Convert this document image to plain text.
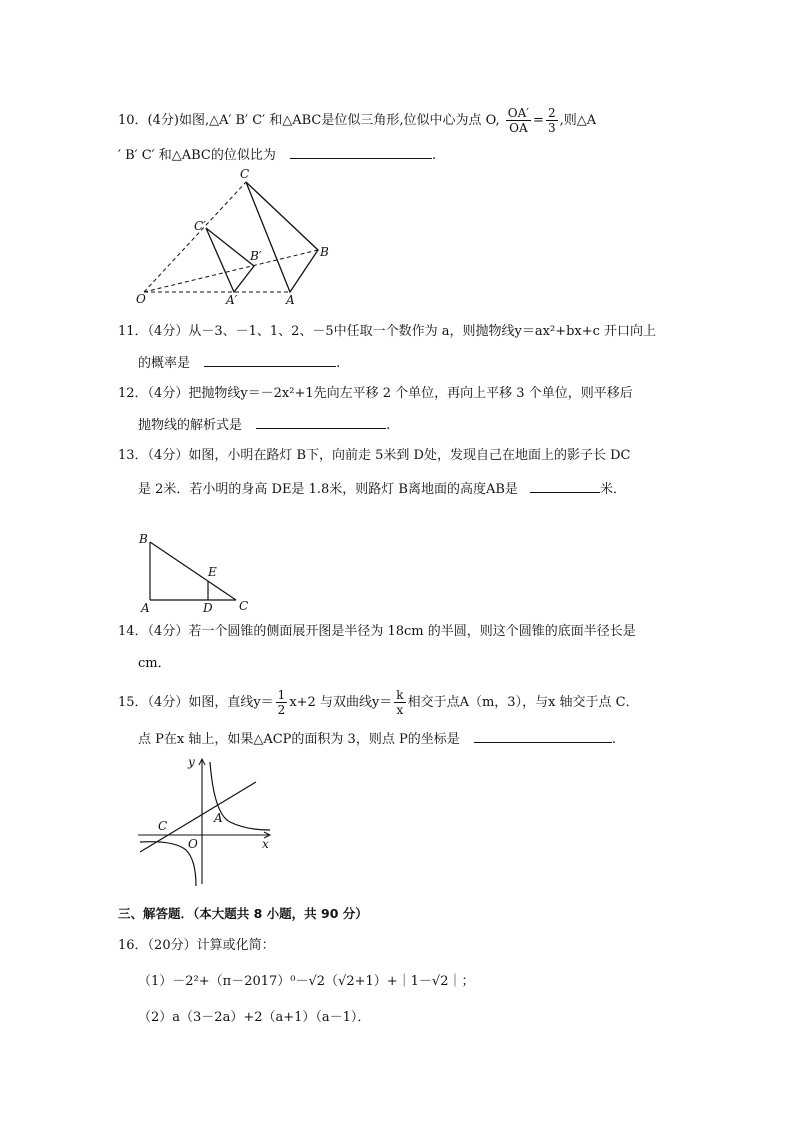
10．(4分)如图,△A′ B′ C′ 和△ABC是位似三角形,位似中心为点 O, $\frac{OA'}{OA} = \frac{2}{3}$ ,则△A
′ B′ C′ 和△ABC的位似比为	.
C
C′
B′	B
O	A′	A
11．（4分）从－3、－1、1、2、－5中任取一个数作为 a，则抛物线y＝ax²+bx+c 开口向上
的概率是	.
12．（4分）把抛物线y＝－2x²+1先向左平移 2 个单位，再向上平移 3 个单位，则平移后
抛物线的解析式是	.
13．（4分）如图，小明在路灯 B下，向前走 5米到 D处，发现自己在地面上的影子长 DC
是 2米．若小明的身高 DE是 1.8米，则路灯 B离地面的高度AB是	米．
B
E
A	D C
14．（4分）若一个圆锥的侧面展开图是半径为 18cm 的半圆，则这个圆锥的底面半径长是
cm．
15．（4分）如图，直线$y= \frac{1}{2} x+2$ 与双曲线$y= \frac{k}{x}$ 相交于点A（m，3），与x 轴交于点 C．
点 P在x 轴上，如果△ACP的面积为 3，则点 P的坐标是	.
y
x
C
A
O
三、解答题．（本大题共 8 小题，共 90 分）
16．（20分）计算或化简：
（1）－2²+（π－2017）⁰－√2（√2+1）+｜1－√2｜；
（2）a（3－2a）+2（a+1）（a－1）．
